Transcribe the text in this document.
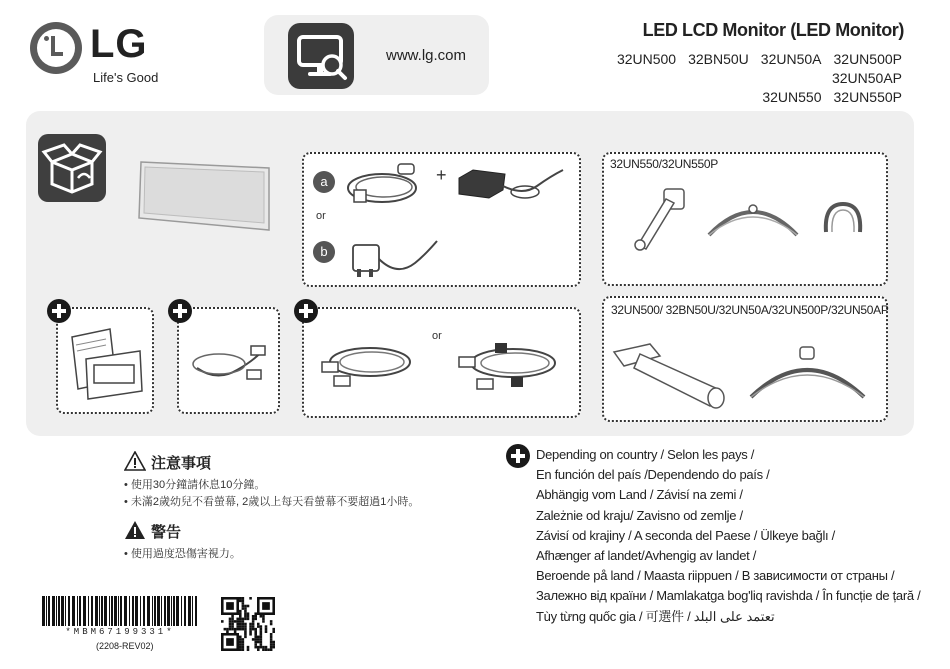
LG
Life's Good
www.lg.com
LED LCD Monitor (LED Monitor)
32UN500 32BN50U 32UN50A 32UN500P32UN50AP
32UN550 32UN550P
a
b
or
+
32UN550/32UN550P
or
32UN500/ 32BN50U/32UN50A/32UN500P/32UN50AP
注意事項
• 使用30分鐘請休息10分鐘。
• 未滿2歲幼兒不看螢幕, 2歲以上每天看螢幕不要超過1小時。
警告
• 使用過度恐傷害視力。
Depending on country / Selon les pays /
En función del país /Dependendo do país /
Abhängig vom Land / Závisí na zemi /
Zależnie od kraju/ Zavisno od zemlje /
Závisí od krajiny / A seconda del Paese / Ülkeye bağlı /
Afhænger af landet/Avhengig av landet /
Beroende på land / Maasta riippuen / В зависимости от страны /
Залежно від країни / Mamlakatga bog'liq ravishda / În funcție de țară /
Tùy từng quốc gia / 可選件 / تعتمد على البلد
*MBM67199331*
(2208-REV02)
